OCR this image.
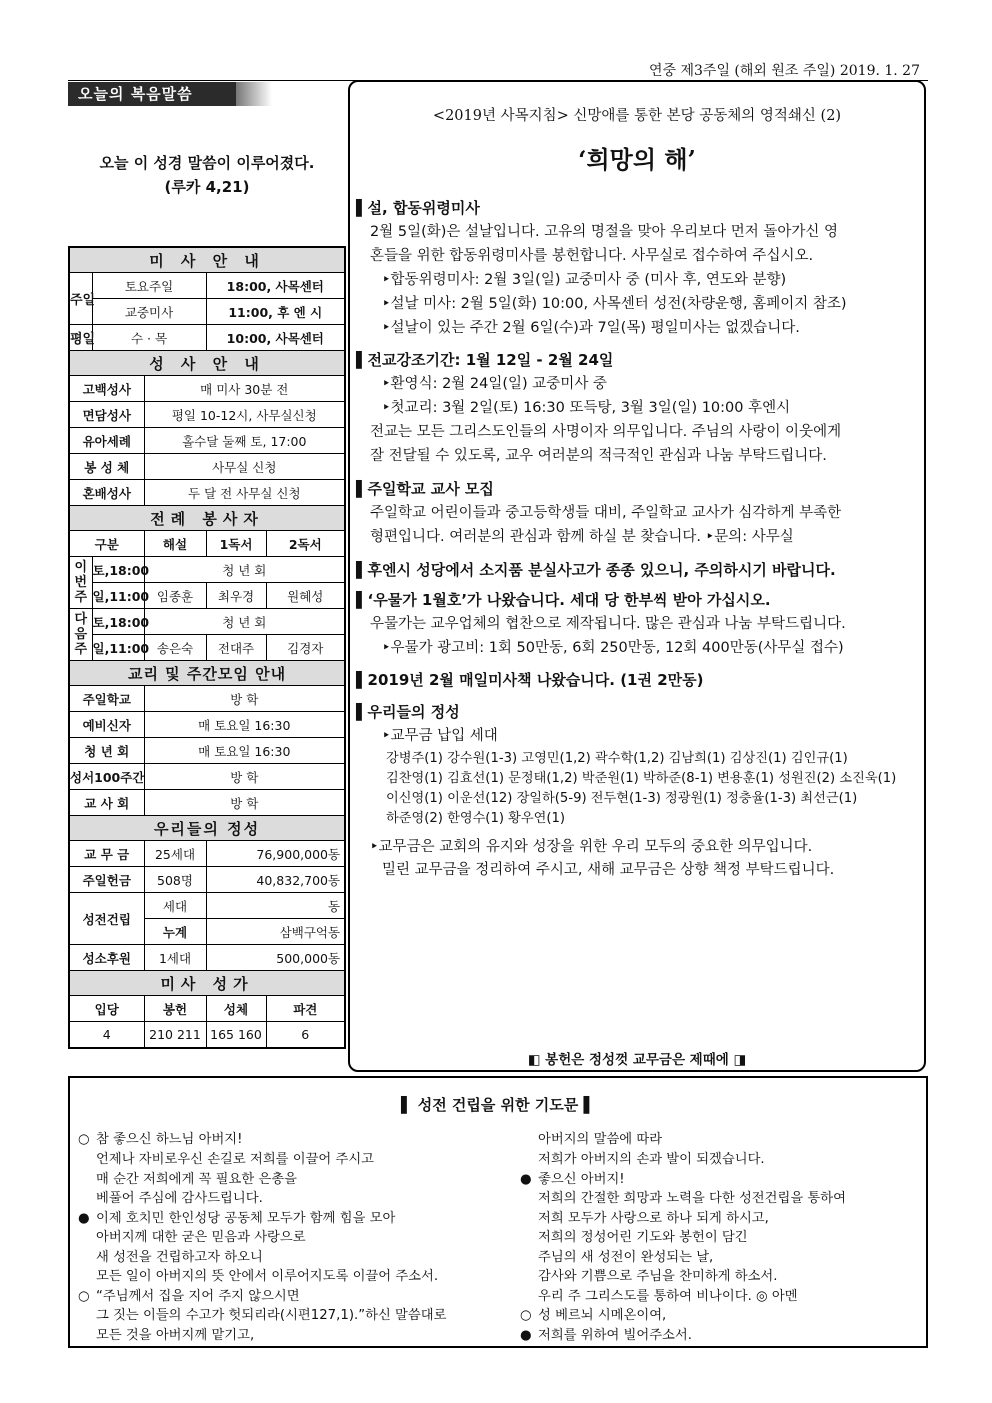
연중 제3주일 (해외 원조 주일) 2019. 1. 27
오늘의 복음말씀
오늘 이 성경 말씀이 이루어졌다.
(루카 4,21)
미 사 안 내				
주일	토요주일		18:00, 사목센터	
	교중미사		11:00, 후 엔 시	
평일	수 · 목		10:00, 사목센터	
성 사 안 내				
고백성사		매 미사 30분 전		
면담성사		평일 10-12시, 사무실신청		
유아세례		홀수달 둘째 토, 17:00		
봉 성 체		사무실 신청		
혼배성사		두 달 전 사무실 신청		
전례 봉사자				
구분		해설	1독서	2독서
이번주	토,18:00	청 년 회		
	일,11:00	임종훈	최우경	원혜성
다음주	토,18:00	청 년 회		
	일,11:00	송은숙	전대주	김경자
교리 및 주간모임 안내				
주일학교		방 학		
예비신자		매 토요일 16:30		
청 년 회		매 토요일 16:30		
성서100주간		방 학		
교 사 회		방 학		
우리들의 정성				
교 무 금		25세대	76,900,000동	
주일헌금		508명	40,832,700동	
성전건립		세대	동	
		누계	삼백구억동	
성소후원		1세대	500,000동	
미사 성가				
입당		봉헌	성체	파견
4		210 211	165 160	6
<2019년 사목지침> 신망애를 통한 본당 공동체의 영적쇄신 (2)
‘희망의 해’
▌설, 합동위령미사
2월 5일(화)은 설날입니다. 고유의 명절을 맞아 우리보다 먼저 돌아가신 영
혼들을 위한 합동위령미사를 봉헌합니다. 사무실로 접수하여 주십시오.
‣합동위령미사: 2월 3일(일) 교중미사 중 (미사 후, 연도와 분향)
‣설날 미사: 2월 5일(화) 10:00, 사목센터 성전(차량운행, 홈페이지 참조)
‣설날이 있는 주간 2월 6일(수)과 7일(목) 평일미사는 없겠습니다.
▌전교강조기간: 1월 12일 - 2월 24일
‣환영식: 2월 24일(일) 교중미사 중
‣첫교리: 3월 2일(토) 16:30 또득탕, 3월 3일(일) 10:00 후엔시
전교는 모든 그리스도인들의 사명이자 의무입니다. 주님의 사랑이 이웃에게
잘 전달될 수 있도록, 교우 여러분의 적극적인 관심과 나눔 부탁드립니다.
▌주일학교 교사 모집
주일학교 어린이들과 중고등학생들 대비, 주일학교 교사가 심각하게 부족한
형편입니다. 여러분의 관심과 함께 하실 분 찾습니다. ‣문의: 사무실
▌후엔시 성당에서 소지품 분실사고가 종종 있으니, 주의하시기 바랍니다.
▌‘우물가 1월호’가 나왔습니다. 세대 당 한부씩 받아 가십시오.
우물가는 교우업체의 협찬으로 제작됩니다. 많은 관심과 나눔 부탁드립니다.
‣우물가 광고비: 1회 50만동, 6회 250만동, 12회 400만동(사무실 접수)
▌2019년 2월 매일미사책 나왔습니다. (1권 2만동)
▌우리들의 정성
‣교무금 납입 세대
강병주(1) 강수원(1-3) 고영민(1,2) 곽수학(1,2) 김남희(1) 김상진(1) 김인규(1)
김찬영(1) 김효선(1) 문정태(1,2) 박준원(1) 박하준(8-1) 변용훈(1) 성원진(2) 소진욱(1)
이신영(1) 이운선(12) 장일하(5-9) 전두현(1-3) 정광원(1) 정충율(1-3) 최선근(1)
하준영(2) 한영수(1) 황우연(1)
‣교무금은 교회의 유지와 성장을 위한 우리 모두의 중요한 의무입니다.
밀린 교무금을 정리하여 주시고, 새해 교무금은 상향 책정 부탁드립니다.
◧ 봉헌은 정성껏 교무금은 제때에 ◨
▌ 성전 건립을 위한 기도문 ▌
○ 참 좋으신 하느님 아버지!
언제나 자비로우신 손길로 저희를 이끌어 주시고
매 순간 저희에게 꼭 필요한 은총을
베풀어 주심에 감사드립니다.
● 이제 호치민 한인성당 공동체 모두가 함께 힘을 모아
아버지께 대한 굳은 믿음과 사랑으로
새 성전을 건립하고자 하오니
모든 일이 아버지의 뜻 안에서 이루어지도록 이끌어 주소서.
○ “주님께서 집을 지어 주지 않으시면
그 짓는 이들의 수고가 헛되리라(시편127,1).”하신 말씀대로
모든 것을 아버지께 맡기고,
아버지의 말씀에 따라
저희가 아버지의 손과 발이 되겠습니다.
● 좋으신 아버지!
저희의 간절한 희망과 노력을 다한 성전건립을 통하여
저희 모두가 사랑으로 하나 되게 하시고,
저희의 정성어린 기도와 봉헌이 담긴
주님의 새 성전이 완성되는 날,
감사와 기쁨으로 주님을 찬미하게 하소서.
우리 주 그리스도를 통하여 비나이다. ◎ 아멘
○ 성 베르뇌 시메온이여,
● 저희를 위하여 빌어주소서.
